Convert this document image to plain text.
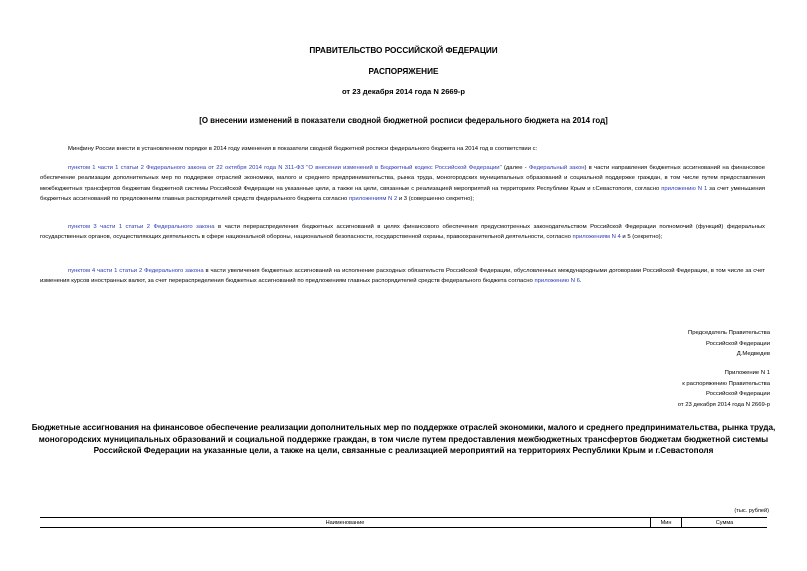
ПРАВИТЕЛЬСТВО РОССИЙСКОЙ ФЕДЕРАЦИИ
РАСПОРЯЖЕНИЕ
от 23 декабря 2014 года N 2669-р
[О внесении изменений в показатели сводной бюджетной росписи федерального бюджета на 2014 год]
Минфину России внести в установленном порядке в 2014 году изменения в показатели сводной бюджетной росписи федерального бюджета на 2014 год в соответствии с:
пунктом 1 части 1 статьи 2 Федерального закона от 22 октября 2014 года N 311-ФЗ "О внесении изменений в Бюджетный кодекс Российской Федерации" (далее - Федеральный закон) в части направления бюджетных ассигнований на финансовое обеспечение реализации дополнительных мер по поддержке отраслей экономики, малого и среднего предпринимательства, рынка труда, моногородских муниципальных образований и социальной поддержке граждан, в том числе путем предоставления межбюджетных трансфертов бюджетам бюджетной системы Российской Федерации на указанные цели, а также на цели, связанные с реализацией мероприятий на территориях Республики Крым и г.Севастополя, согласно приложению N 1 за счет уменьшения бюджетных ассигнований по предложениям главных распорядителей средств федерального бюджета согласно приложениям N 2 и 3 (совершенно секретно);
пунктом 3 части 1 статьи 2 Федерального закона в части перераспределения бюджетных ассигнований в целях финансового обеспечения предусмотренных законодательством Российской Федерации полномочий (функций) федеральных государственных органов, осуществляющих деятельность в сфере национальной обороны, национальной безопасности, государственной охраны, правоохранительной деятельности, согласно приложениям N 4 и 5 (секретно);
пунктом 4 части 1 статьи 2 Федерального закона в части увеличения бюджетных ассигнований на исполнение расходных обязательств Российской Федерации, обусловленных международными договорами Российской Федерации, в том числе за счет изменения курсов иностранных валют, за счет перераспределения бюджетных ассигнований по предложениям главных распорядителей средств федерального бюджета согласно приложению N 6.
Председатель Правительства
Российской Федерации
Д.Медведев
Приложение N 1
к распоряжению Правительства
Российской Федерации
от 23 декабря 2014 года N 2669-р
Бюджетные ассигнования на финансовое обеспечение реализации дополнительных мер по поддержке отраслей экономики, малого и среднего предпринимательства, рынка труда, моногородских муниципальных образований и социальной поддержке граждан, в том числе путем предоставления межбюджетных трансфертов бюджетам бюджетной системы Российской Федерации на указанные цели, а также на цели, связанные с реализацией мероприятий на территориях Республики Крым и г.Севастополя
(тыс. рублей)
Наименование	Мин	Сумма
